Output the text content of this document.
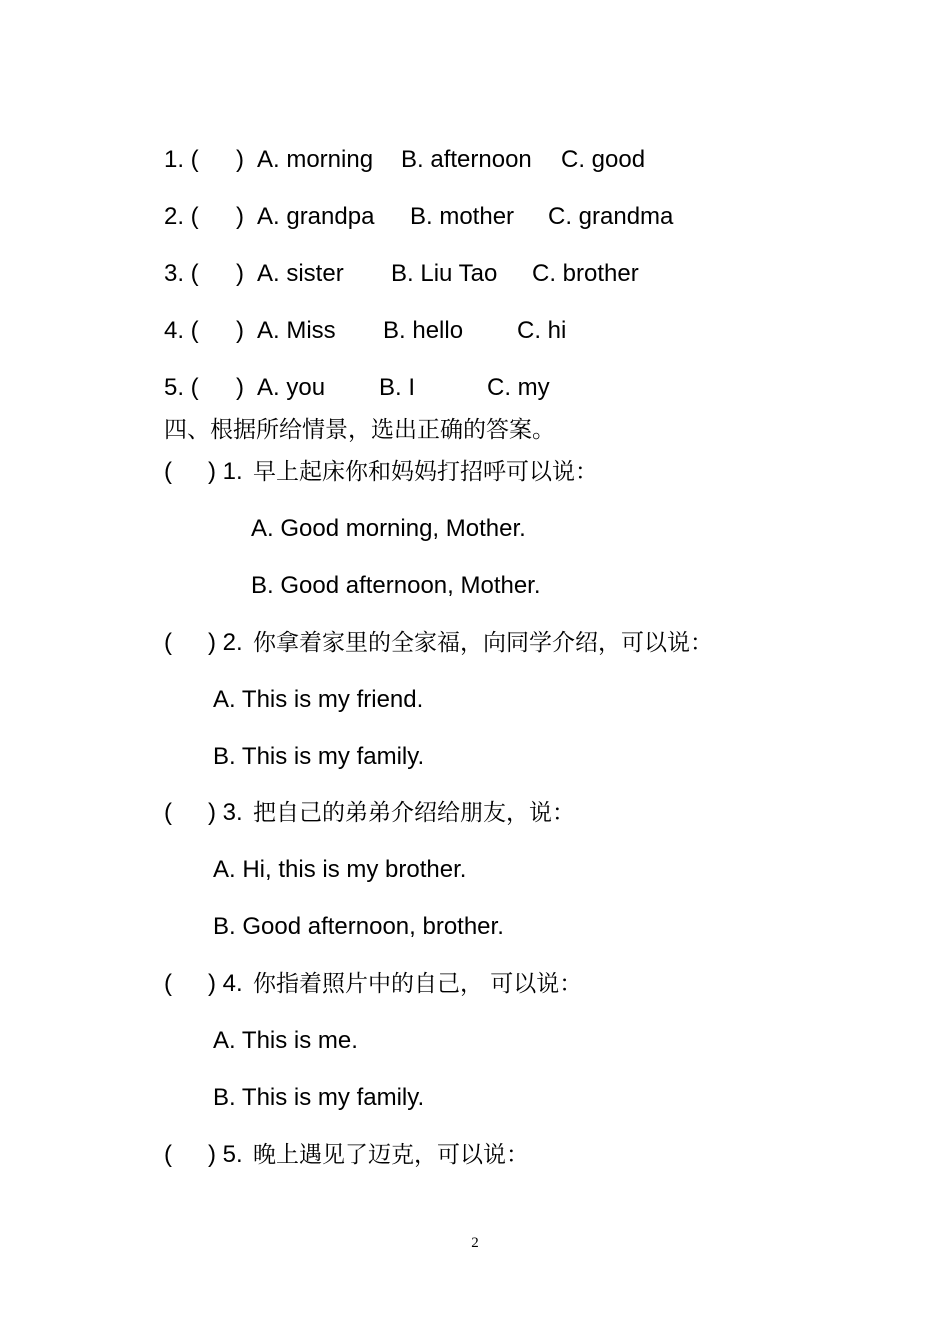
1. ( ) A. morning B. afternoon C. good
2. ( ) A. grandpa B. mother C. grandma
3. ( ) A. sister B. Liu Tao C. brother
4. ( ) A. Miss B. hello C. hi
5. ( ) A. you B. I	C. my
四、根据所给情景，选出正确的答案。
( ) 1. 早上起床你和妈妈打招呼可以说：
A. Good morning, Mother.
B. Good afternoon, Mother.
( ) 2. 你拿着家里的全家福，向同学介绍，可以说：
A. This is my friend.
B. This is my family.
( ) 3. 把自己的弟弟介绍给朋友，说：
A. Hi, this is my brother.
B. Good afternoon, brother.
( ) 4. 你指着照片中的自己， 可以说：
A. This is me.
B. This is my family.
( ) 5. 晚上遇见了迈克，可以说：
2
